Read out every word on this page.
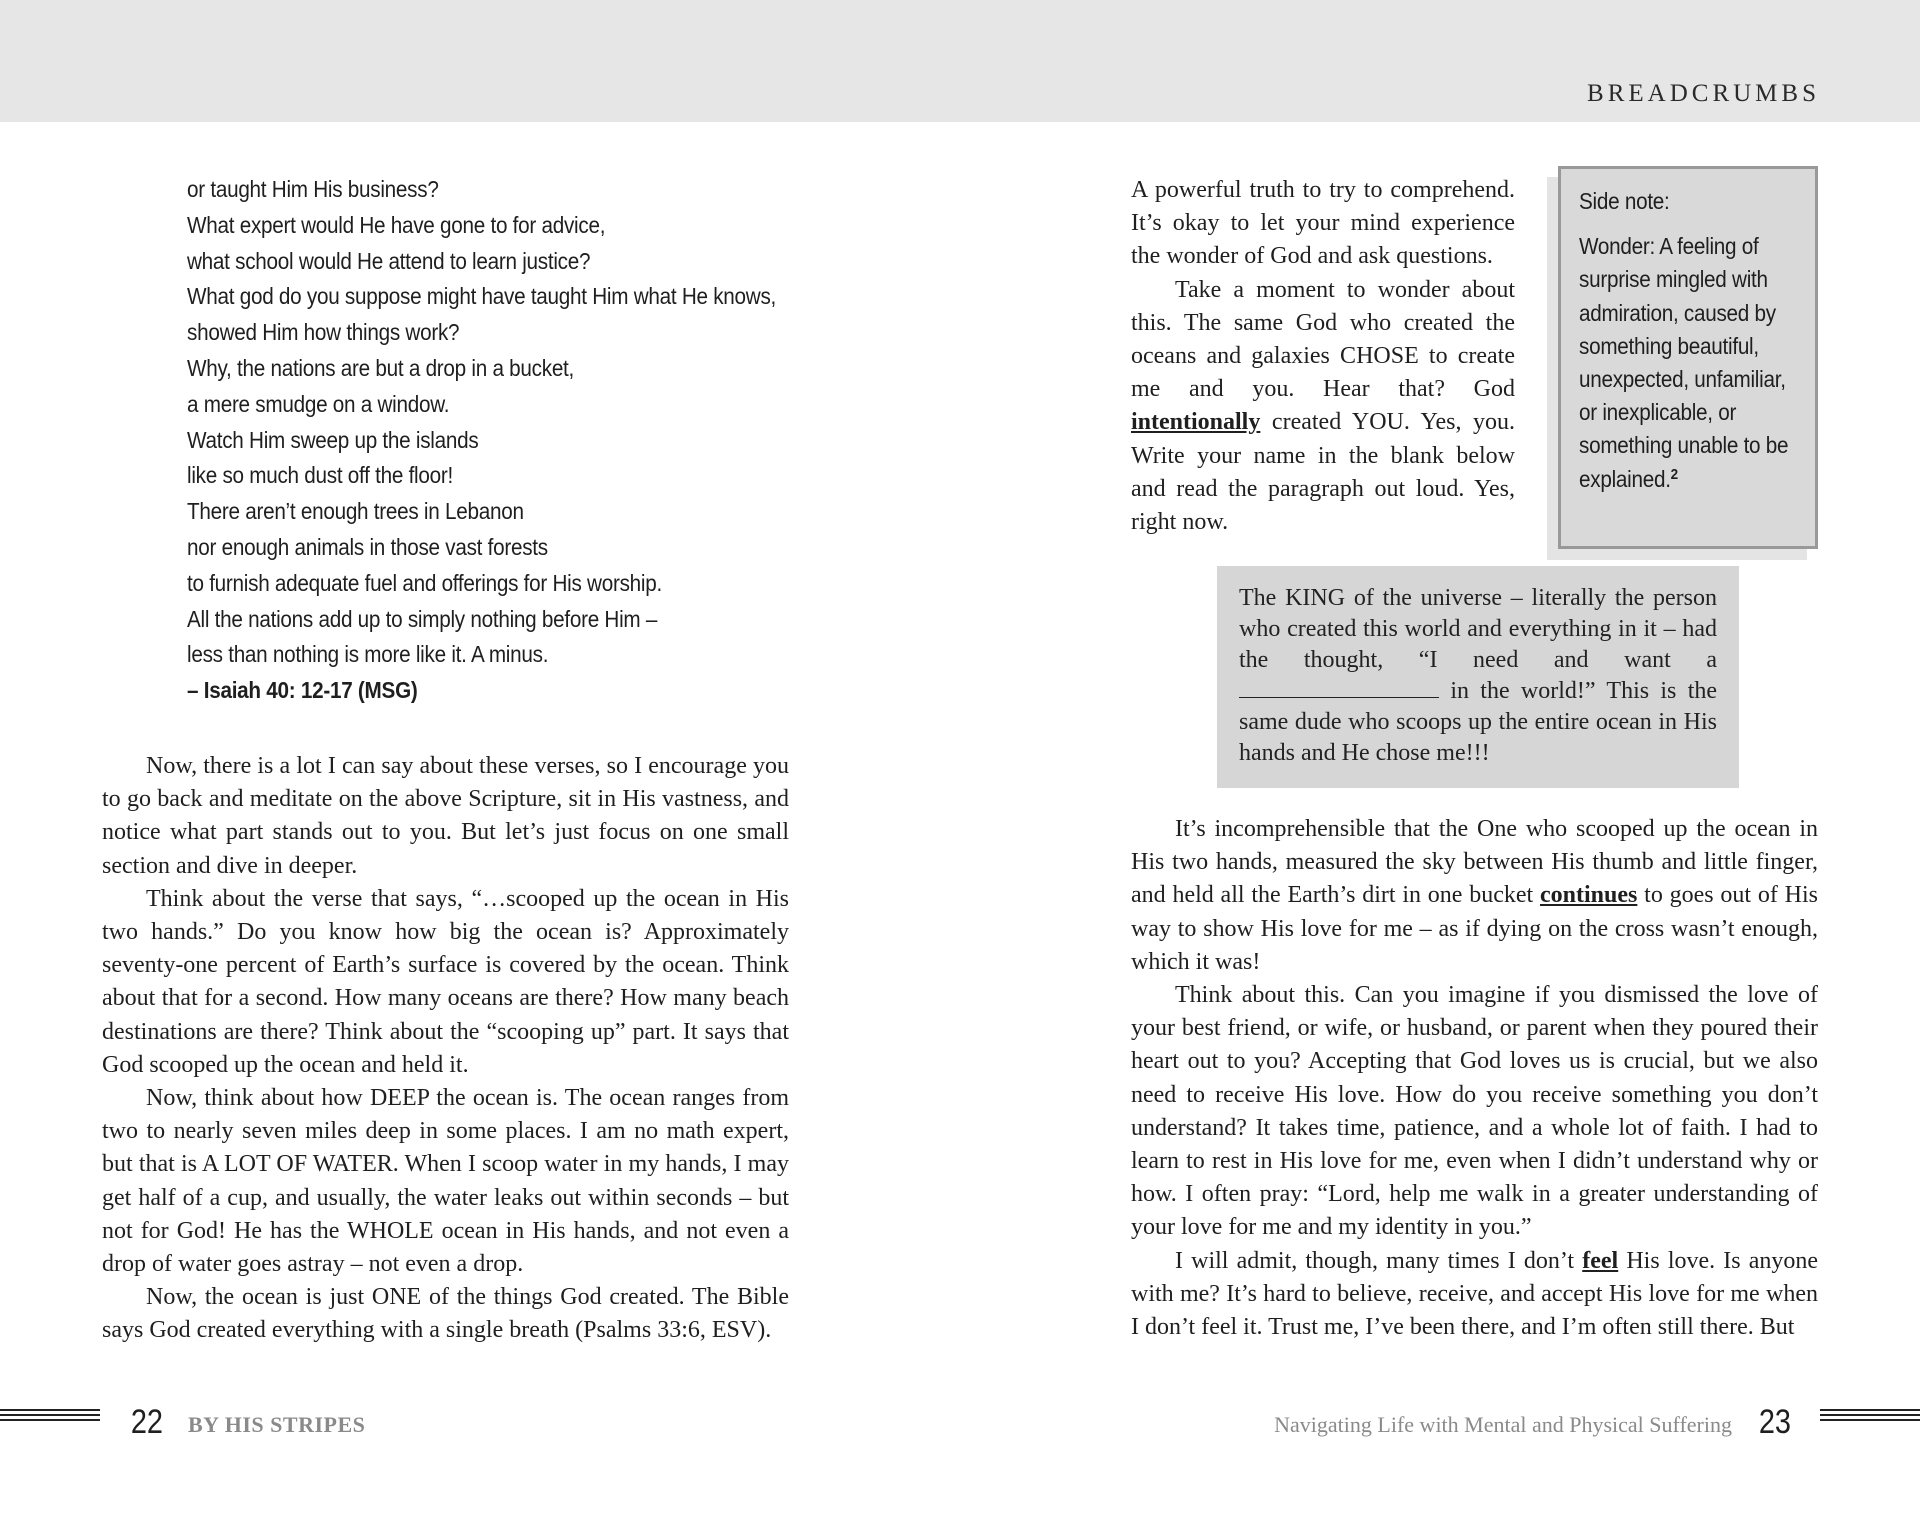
BREADCRUMBS
or taught Him His business?
What expert would He have gone to for advice,
what school would He attend to learn justice?
What god do you suppose might have taught Him what He knows,
showed Him how things work?
Why, the nations are but a drop in a bucket,
a mere smudge on a window.
Watch Him sweep up the islands
like so much dust off the floor!
There aren’t enough trees in Lebanon
nor enough animals in those vast forests
to furnish adequate fuel and offerings for His worship.
All the nations add up to simply nothing before Him –
less than nothing is more like it. A minus.
– Isaiah 40: 12-17 (MSG)

Now, there is a lot I can say about these verses, so I encourage you to go back and meditate on the above Scripture, sit in His vastness, and notice what part stands out to you. But let’s just focus on one small section and dive in deeper.

Think about the verse that says, “…scooped up the ocean in His two hands.” Do you know how big the ocean is? Approximately seventy-one percent of Earth’s surface is covered by the ocean. Think about that for a second. How many oceans are there? How many beach destinations are there? Think about the “scooping up” part. It says that God scooped up the ocean and held it.

Now, think about how DEEP the ocean is. The ocean ranges from two to nearly seven miles deep in some places. I am no math expert, but that is A LOT OF WATER. When I scoop water in my hands, I may get half of a cup, and usually, the water leaks out within seconds – but not for God! He has the WHOLE ocean in His hands, and not even a drop of water goes astray – not even a drop.

Now, the ocean is just ONE of the things God created. The Bible says God created everything with a single breath (Psalms 33:6, ESV).

A powerful truth to try to comprehend. It’s okay to let your mind experience the wonder of God and ask questions.

Take a moment to wonder about this. The same God who created the oceans and galaxies CHOSE to create me and you. Hear that? God intentionally created YOU. Yes, you. Write your name in the blank below and read the paragraph out loud. Yes, right now.

Side note:
Wonder: A feeling of surprise mingled with admiration, caused by something beautiful, unexpected, unfamiliar, or inexplicable, or something unable to be explained.$^2$
The KING of the universe – literally the person who created this world and everything in it – had the thought, “I need and want a  in the world!” This is the same dude who scoops up the entire ocean in His hands and He chose me!!!

It’s incomprehensible that the One who scooped up the ocean in His two hands, measured the sky between His thumb and little finger, and held all the Earth’s dirt in one bucket continues to goes out of His way to show His love for me – as if dying on the cross wasn’t enough, which it was!

Think about this. Can you imagine if you dismissed the love of your best friend, or wife, or husband, or parent when they poured their heart out to you? Accepting that God loves us is crucial, but we also need to receive His love. How do you receive something you don’t understand? It takes time, patience, and a whole lot of faith. I had to learn to rest in His love for me, even when I didn’t understand why or how. I often pray: “Lord, help me walk in a greater understanding of your love for me and my identity in you.”

I will admit, though, many times I don’t feel His love. Is anyone with me? It’s hard to believe, receive, and accept His love for me when I don’t feel it. Trust me, I’ve been there, and I’m often still there. But

22 BY HIS STRIPES	Navigating Life with Mental and Physical Suffering 23
